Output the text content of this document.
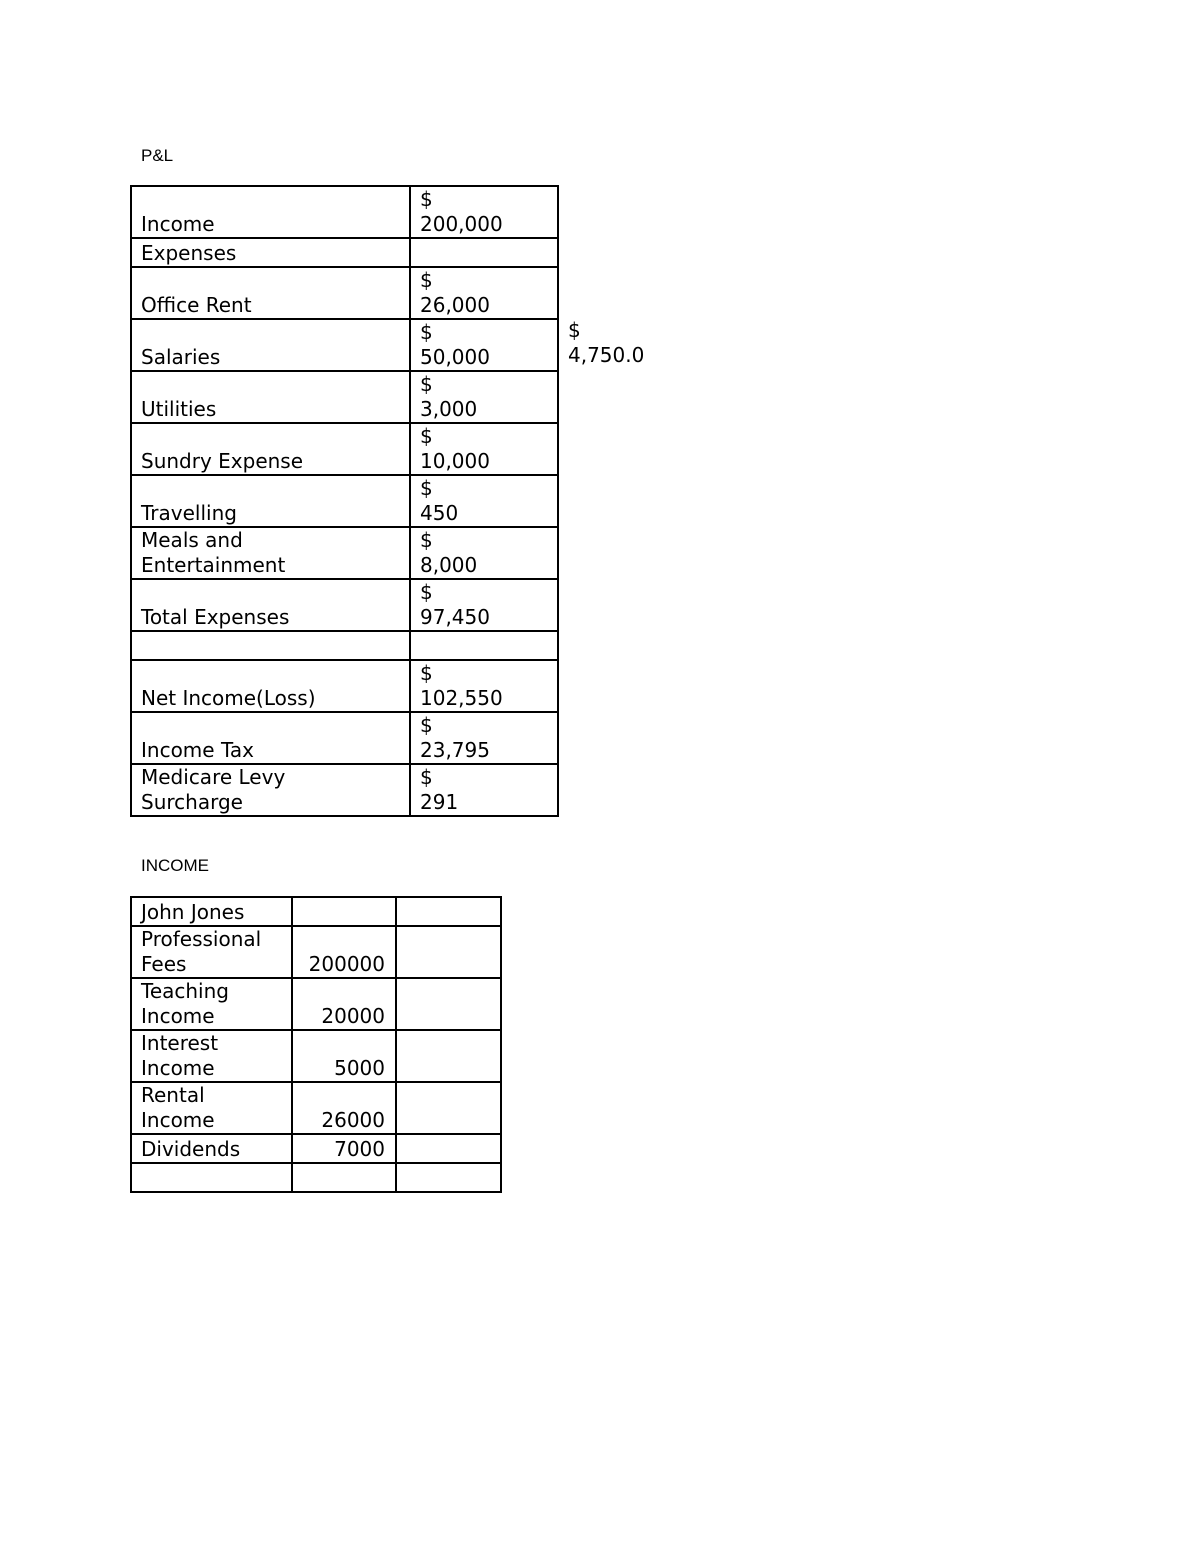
P&L
Income	$
200,000
Expenses	
Office Rent	$
26,000
Salaries	$
50,000
Utilities	$
3,000
Sundry Expense	$
10,000
Travelling	$
450
Meals and
Entertainment	$
8,000
Total Expenses	$
97,450

Net Income(Loss)	$
102,550
Income Tax	$
23,795
Medicare Levy
Surcharge	$
291
$
4,750.0
INCOME
John Jones		
Professional
Fees	200000	
Teaching
Income	20000	
Interest
Income	5000	
Rental
Income	26000	
Dividends	7000	
